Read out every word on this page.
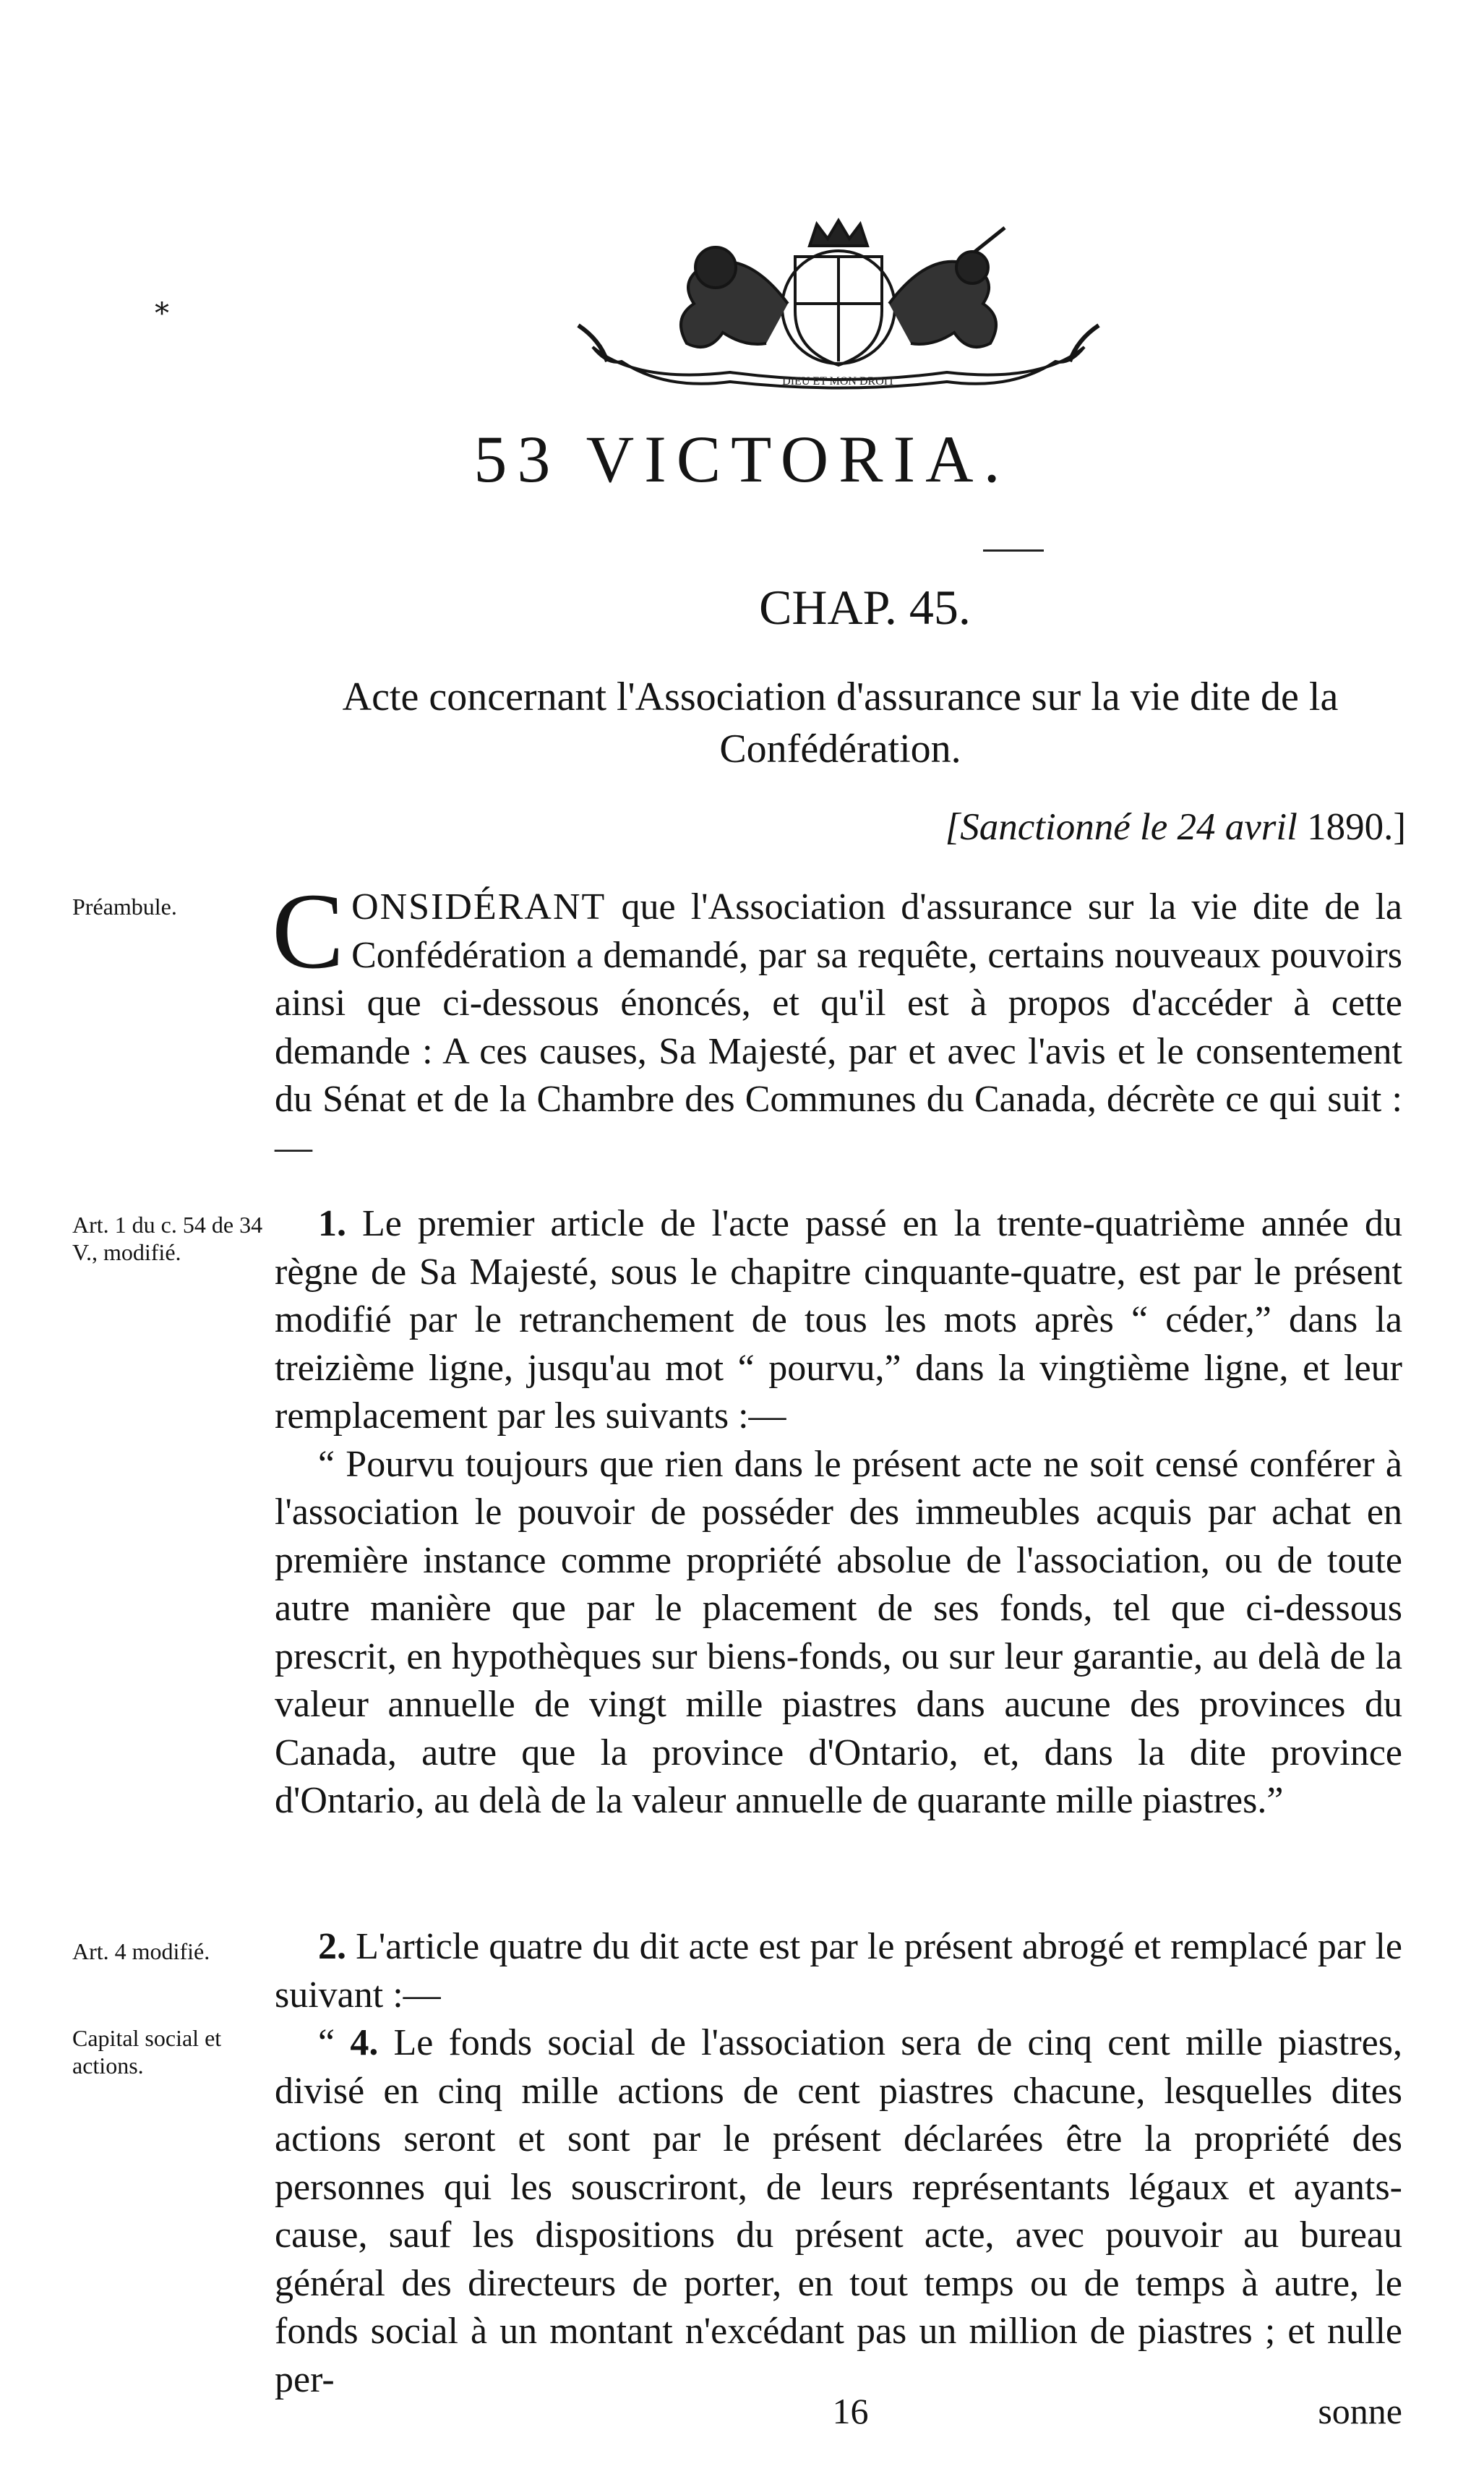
*
DIEU ET MON DROIT
53 VICTORIA.
CHAP. 45.
Acte concernant l'Association d'assurance sur la vie dite de la Confédération.
[Sanctionné le 24 avril 1890.]
Préambule. CONSIDÉRANT que l'Association d'assurance sur la vie dite de la Confédération a demandé, par sa requête, certains nouveaux pouvoirs ainsi que ci-dessous énoncés, et qu'il est à propos d'accéder à cette demande : A ces causes, Sa Majesté, par et avec l'avis et le consentement du Sénat et de la Chambre des Communes du Canada, décrète ce qui suit :—

Art. 1 du c. 54 de 34 V., modifié.

1. Le premier article de l'acte passé en la trente-quatrième année du règne de Sa Majesté, sous le chapitre cinquante-quatre, est par le présent modifié par le retranchement de tous les mots après “ céder,” dans la treizième ligne, jusqu'au mot “ pourvu,” dans la vingtième ligne, et leur remplacement par les suivants :—

“ Pourvu toujours que rien dans le présent acte ne soit censé conférer à l'association le pouvoir de posséder des immeubles acquis par achat en première instance comme propriété absolue de l'association, ou de toute autre manière que par le placement de ses fonds, tel que ci-dessous prescrit, en hypothèques sur biens-fonds, ou sur leur garantie, au delà de la valeur annuelle de vingt mille piastres dans aucune des provinces du Canada, autre que la province d'Ontario, et, dans la dite province d'Ontario, au delà de la valeur annuelle de quarante mille piastres.”

Art. 4 modifié.	2. L'article quatre du dit acte est par le présent abrogé et remplacé par le suivant :—

Capital social et actions.

“ 4. Le fonds social de l'association sera de cinq cent mille piastres, divisé en cinq mille actions de cent piastres chacune, lesquelles dites actions seront et sont par le présent déclarées être la propriété des personnes qui les souscriront, de leurs représentants légaux et ayants-cause, sauf les dispositions du présent acte, avec pouvoir au bureau général des directeurs de porter, en tout temps ou de temps à autre, le fonds social à un montant n'excédant pas un million de piastres ; et nulle per-

16	sonne
